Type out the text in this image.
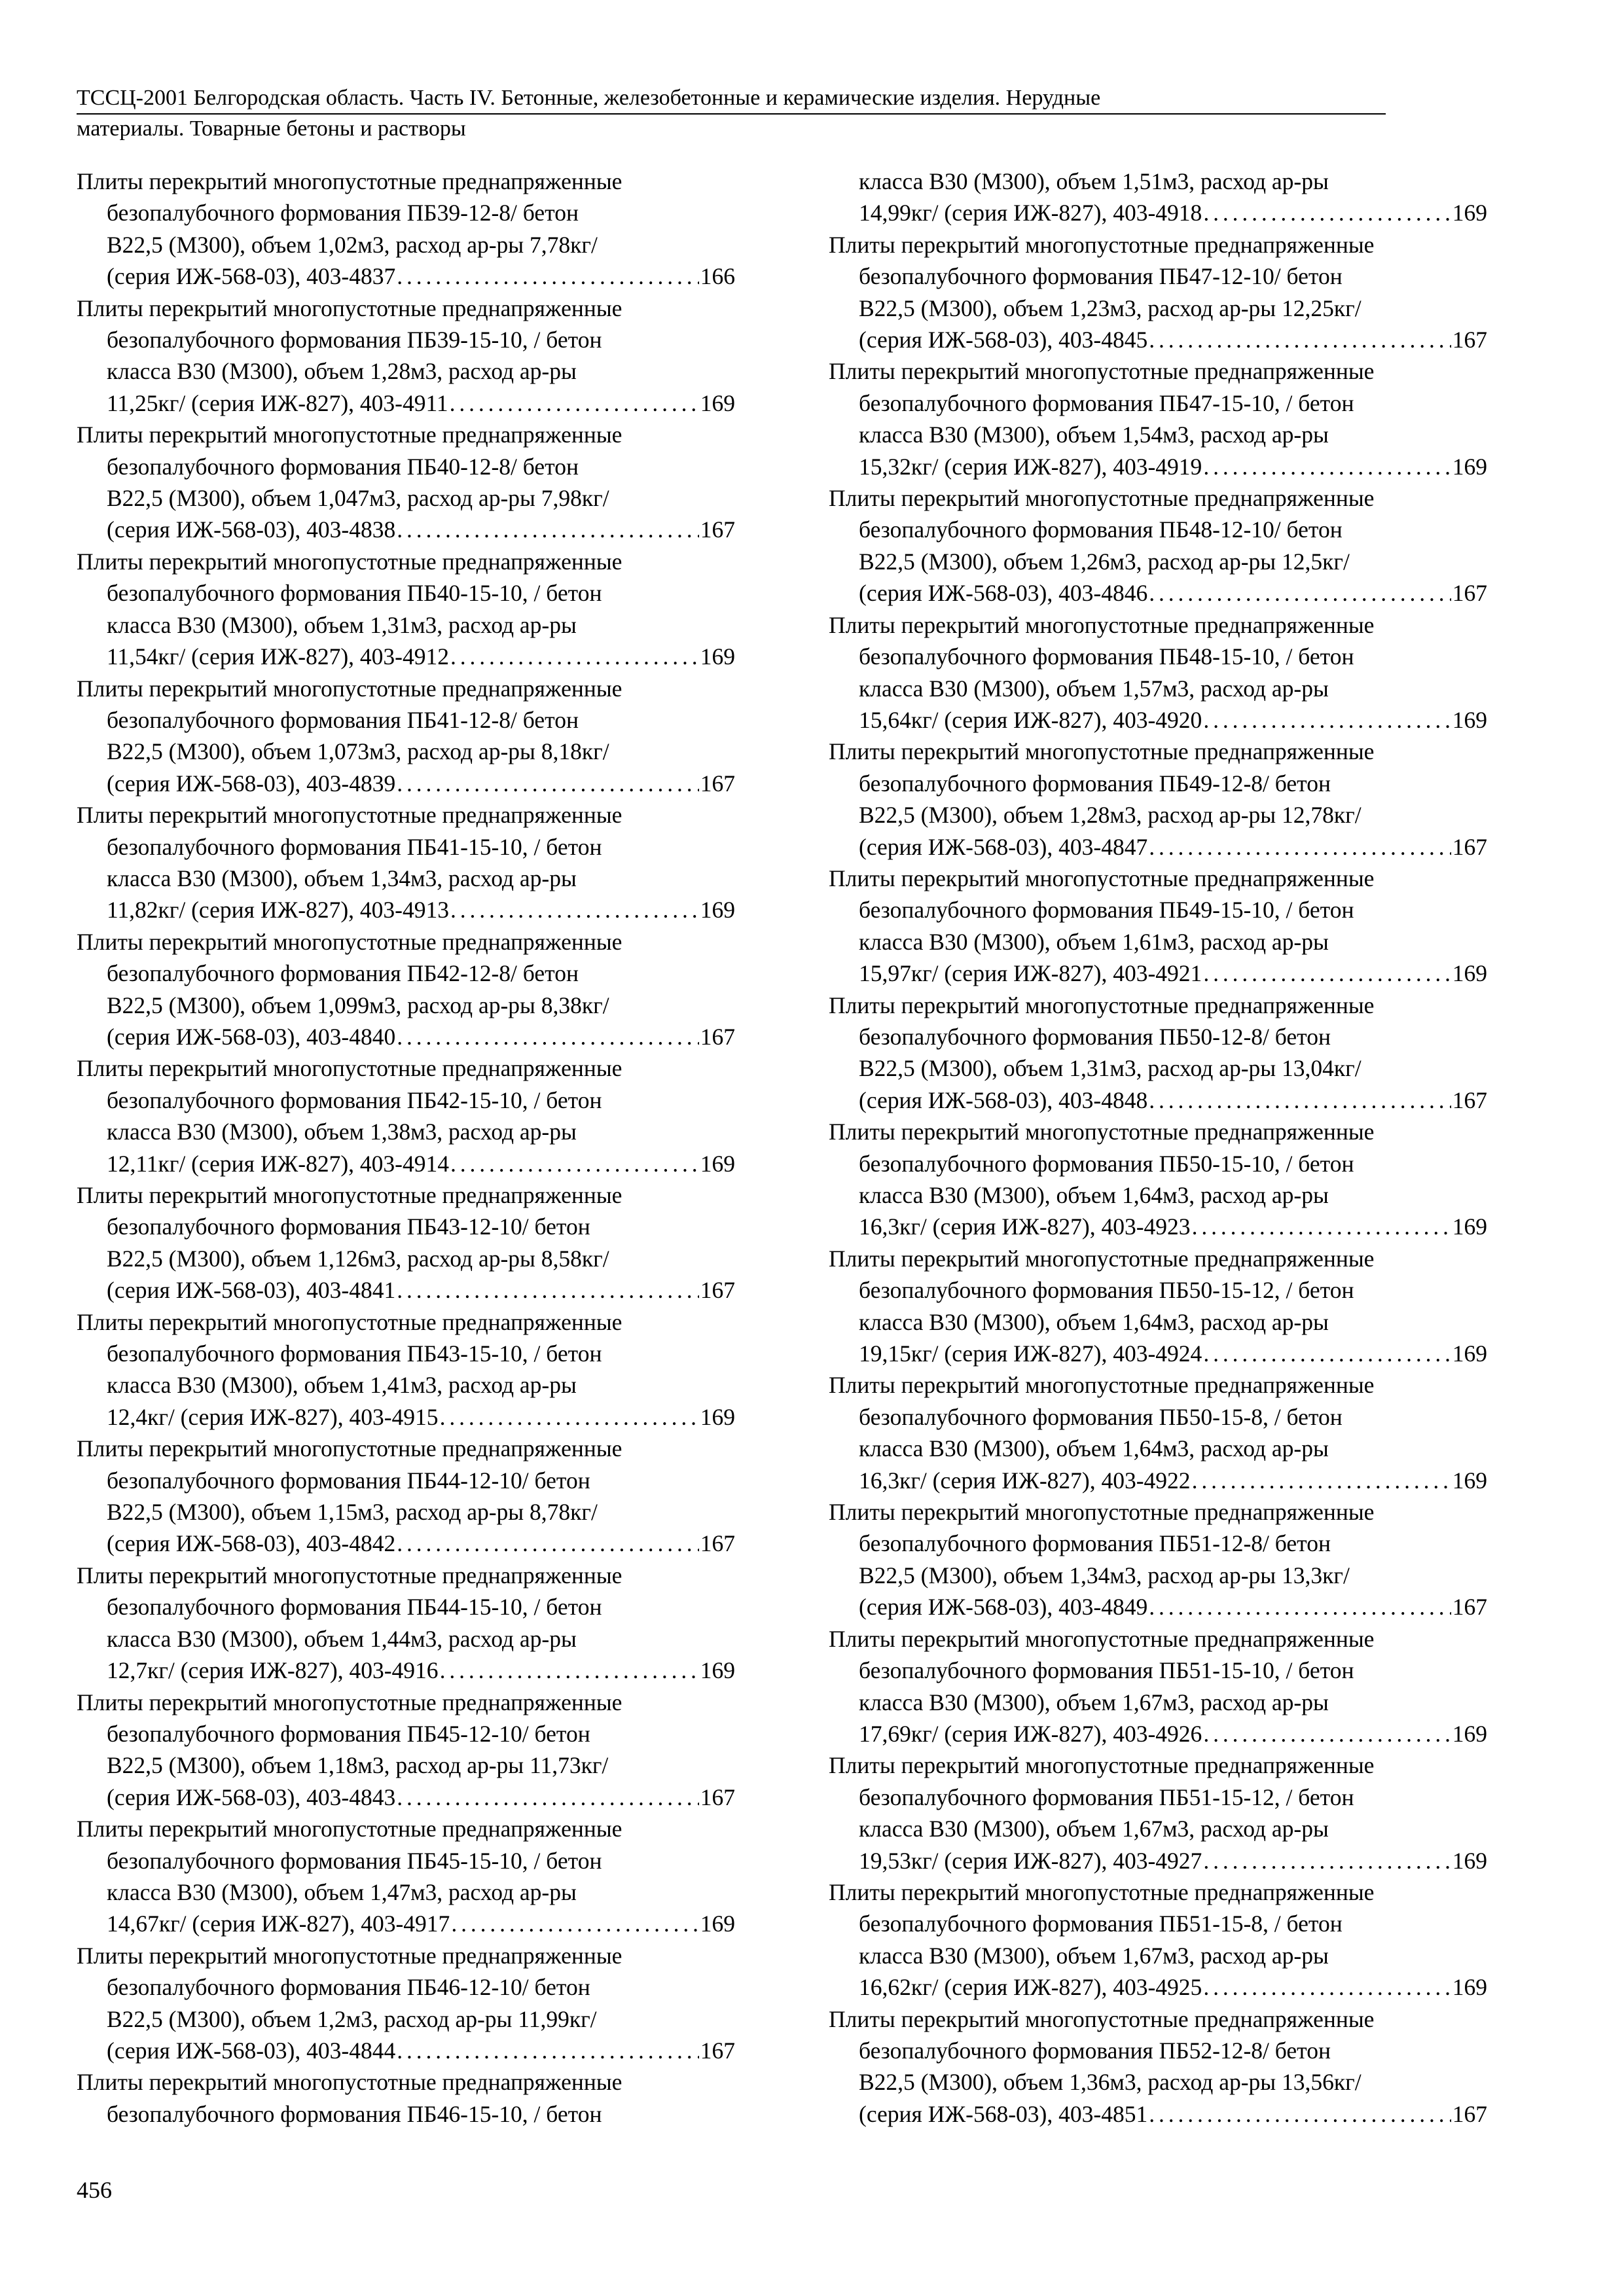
ТССЦ-2001 Белгородская область. Часть IV. Бетонные, железобетонные и керамические изделия. Нерудные
материалы. Товарные бетоны и растворы
Плиты перекрытий многопустотные преднапряженные
безопалубочного формования ПБ39-12-8/ бетон
В22,5 (М300), объем 1,02м3, расход ар-ры 7,78кг/
(серия ИЖ-568-03), 403-4837 . . .	166
Плиты перекрытий многопустотные преднапряженные
безопалубочного формования ПБ39-15-10, / бетон
класса В30 (М300), объем 1,28м3, расход ар-ры
11,25кг/ (серия ИЖ-827), 403-4911 . . .	169
Плиты перекрытий многопустотные преднапряженные
безопалубочного формования ПБ40-12-8/ бетон
В22,5 (М300), объем 1,047м3, расход ар-ры 7,98кг/
(серия ИЖ-568-03), 403-4838 . . .	167
Плиты перекрытий многопустотные преднапряженные
безопалубочного формования ПБ40-15-10, / бетон
класса В30 (М300), объем 1,31м3, расход ар-ры
11,54кг/ (серия ИЖ-827), 403-4912 . . .	169
Плиты перекрытий многопустотные преднапряженные
безопалубочного формования ПБ41-12-8/ бетон
В22,5 (М300), объем 1,073м3, расход ар-ры 8,18кг/
(серия ИЖ-568-03), 403-4839 . . .	167
Плиты перекрытий многопустотные преднапряженные
безопалубочного формования ПБ41-15-10, / бетон
класса В30 (М300), объем 1,34м3, расход ар-ры
11,82кг/ (серия ИЖ-827), 403-4913 . . .	169
Плиты перекрытий многопустотные преднапряженные
безопалубочного формования ПБ42-12-8/ бетон
В22,5 (М300), объем 1,099м3, расход ар-ры 8,38кг/
(серия ИЖ-568-03), 403-4840 . . .	167
Плиты перекрытий многопустотные преднапряженные
безопалубочного формования ПБ42-15-10, / бетон
класса В30 (М300), объем 1,38м3, расход ар-ры
12,11кг/ (серия ИЖ-827), 403-4914 . . .	169
Плиты перекрытий многопустотные преднапряженные
безопалубочного формования ПБ43-12-10/ бетон
В22,5 (М300), объем 1,126м3, расход ар-ры 8,58кг/
(серия ИЖ-568-03), 403-4841 . . .	167
Плиты перекрытий многопустотные преднапряженные
безопалубочного формования ПБ43-15-10, / бетон
класса В30 (М300), объем 1,41м3, расход ар-ры
12,4кг/ (серия ИЖ-827), 403-4915 . . .	169
Плиты перекрытий многопустотные преднапряженные
безопалубочного формования ПБ44-12-10/ бетон
В22,5 (М300), объем 1,15м3, расход ар-ры 8,78кг/
(серия ИЖ-568-03), 403-4842 . . .	167
Плиты перекрытий многопустотные преднапряженные
безопалубочного формования ПБ44-15-10, / бетон
класса В30 (М300), объем 1,44м3, расход ар-ры
12,7кг/ (серия ИЖ-827), 403-4916 . . .	169
Плиты перекрытий многопустотные преднапряженные
безопалубочного формования ПБ45-12-10/ бетон
В22,5 (М300), объем 1,18м3, расход ар-ры 11,73кг/
(серия ИЖ-568-03), 403-4843 . . .	167
Плиты перекрытий многопустотные преднапряженные
безопалубочного формования ПБ45-15-10, / бетон
класса В30 (М300), объем 1,47м3, расход ар-ры
14,67кг/ (серия ИЖ-827), 403-4917 . . .	169
Плиты перекрытий многопустотные преднапряженные
безопалубочного формования ПБ46-12-10/ бетон
В22,5 (М300), объем 1,2м3, расход ар-ры 11,99кг/
(серия ИЖ-568-03), 403-4844 . . .	167
Плиты перекрытий многопустотные преднапряженные
безопалубочного формования ПБ46-15-10, / бетон
класса В30 (М300), объем 1,51м3, расход ар-ры
14,99кг/ (серия ИЖ-827), 403-4918 . . .	169
Плиты перекрытий многопустотные преднапряженные
безопалубочного формования ПБ47-12-10/ бетон
В22,5 (М300), объем 1,23м3, расход ар-ры 12,25кг/
(серия ИЖ-568-03), 403-4845 . . .	167
Плиты перекрытий многопустотные преднапряженные
безопалубочного формования ПБ47-15-10, / бетон
класса В30 (М300), объем 1,54м3, расход ар-ры
15,32кг/ (серия ИЖ-827), 403-4919 . . .	169
Плиты перекрытий многопустотные преднапряженные
безопалубочного формования ПБ48-12-10/ бетон
В22,5 (М300), объем 1,26м3, расход ар-ры 12,5кг/
(серия ИЖ-568-03), 403-4846 . . .	167
Плиты перекрытий многопустотные преднапряженные
безопалубочного формования ПБ48-15-10, / бетон
класса В30 (М300), объем 1,57м3, расход ар-ры
15,64кг/ (серия ИЖ-827), 403-4920 . . .	169
Плиты перекрытий многопустотные преднапряженные
безопалубочного формования ПБ49-12-8/ бетон
В22,5 (М300), объем 1,28м3, расход ар-ры 12,78кг/
(серия ИЖ-568-03), 403-4847 . . .	167
Плиты перекрытий многопустотные преднапряженные
безопалубочного формования ПБ49-15-10, / бетон
класса В30 (М300), объем 1,61м3, расход ар-ры
15,97кг/ (серия ИЖ-827), 403-4921 . . .	169
Плиты перекрытий многопустотные преднапряженные
безопалубочного формования ПБ50-12-8/ бетон
В22,5 (М300), объем 1,31м3, расход ар-ры 13,04кг/
(серия ИЖ-568-03), 403-4848 . . .	167
Плиты перекрытий многопустотные преднапряженные
безопалубочного формования ПБ50-15-10, / бетон
класса В30 (М300), объем 1,64м3, расход ар-ры
16,3кг/ (серия ИЖ-827), 403-4923 . . .	169
Плиты перекрытий многопустотные преднапряженные
безопалубочного формования ПБ50-15-12, / бетон
класса В30 (М300), объем 1,64м3, расход ар-ры
19,15кг/ (серия ИЖ-827), 403-4924 . . .	169
Плиты перекрытий многопустотные преднапряженные
безопалубочного формования ПБ50-15-8, / бетон
класса В30 (М300), объем 1,64м3, расход ар-ры
16,3кг/ (серия ИЖ-827), 403-4922 . . .	169
Плиты перекрытий многопустотные преднапряженные
безопалубочного формования ПБ51-12-8/ бетон
В22,5 (М300), объем 1,34м3, расход ар-ры 13,3кг/
(серия ИЖ-568-03), 403-4849 . . .	167
Плиты перекрытий многопустотные преднапряженные
безопалубочного формования ПБ51-15-10, / бетон
класса В30 (М300), объем 1,67м3, расход ар-ры
17,69кг/ (серия ИЖ-827), 403-4926 . . .	169
Плиты перекрытий многопустотные преднапряженные
безопалубочного формования ПБ51-15-12, / бетон
класса В30 (М300), объем 1,67м3, расход ар-ры
19,53кг/ (серия ИЖ-827), 403-4927 . . .	169
Плиты перекрытий многопустотные преднапряженные
безопалубочного формования ПБ51-15-8, / бетон
класса В30 (М300), объем 1,67м3, расход ар-ры
16,62кг/ (серия ИЖ-827), 403-4925 . . .	169
Плиты перекрытий многопустотные преднапряженные
безопалубочного формования ПБ52-12-8/ бетон
В22,5 (М300), объем 1,36м3, расход ар-ры 13,56кг/
(серия ИЖ-568-03), 403-4851 . . .	167
456
